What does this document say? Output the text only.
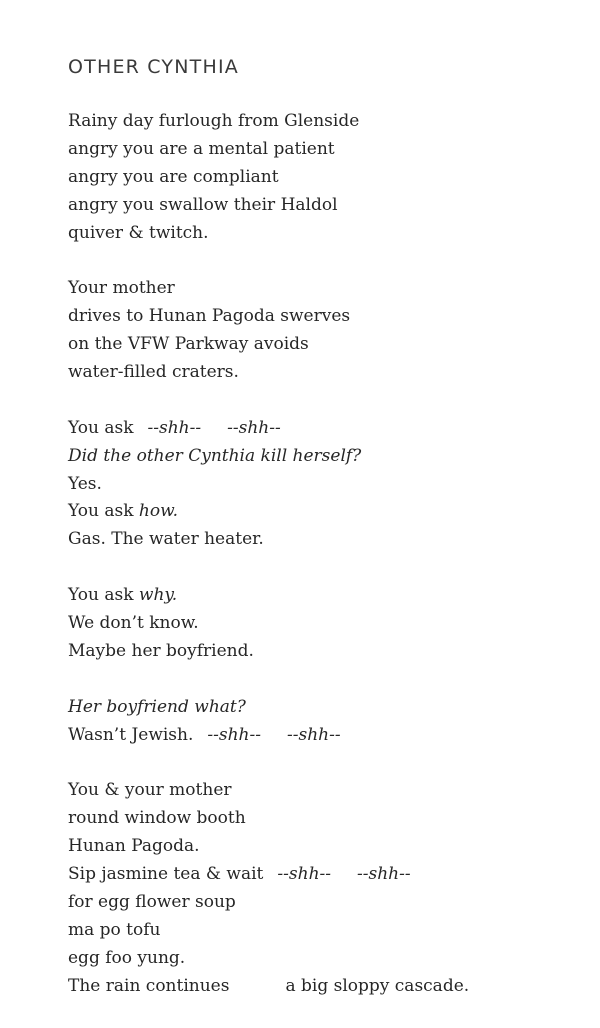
OTHER CYNTHIA
Rainy day furlough from Glenside
angry you are a mental patient
angry you are compliant
angry you swallow their Haldol
quiver & twitch.
Your mother
drives to Hunan Pagoda swerves
on the VFW Parkway avoids
water-filled craters.
You ask --shh-- --shh--
Did the other Cynthia kill herself?
Yes.
You ask how.
Gas. The water heater.
You ask why.
We don’t know.
Maybe her boyfriend.
Her boyfriend what?
Wasn’t Jewish. --shh-- --shh--
You & your mother
round window booth
Hunan Pagoda.
Sip jasmine tea & wait --shh-- --shh--
for egg flower soup
ma po tofu
egg foo yung.
The rain continues	a big sloppy cascade.
